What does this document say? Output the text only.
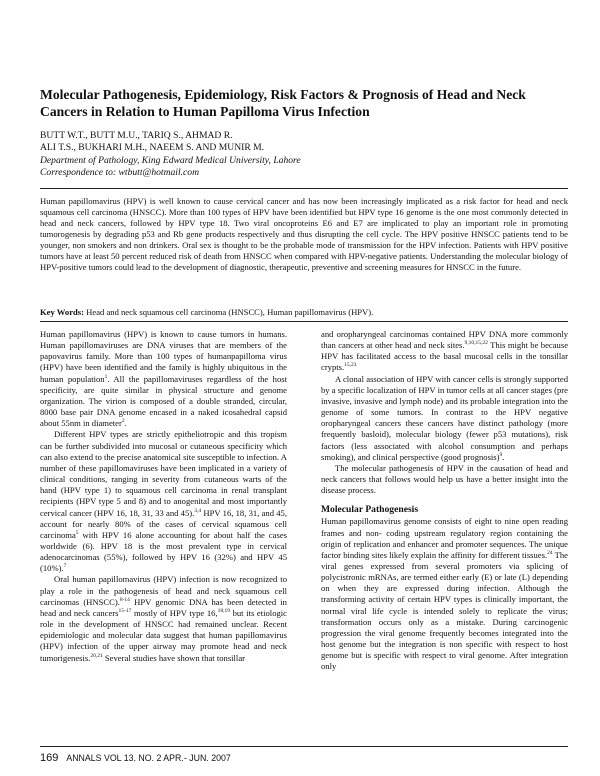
Molecular Pathogenesis, Epidemiology, Risk Factors & Prognosis of Head and Neck Cancers in Relation to Human Papilloma Virus Infection
BUTT W.T., BUTT M.U., TARIQ S., AHMAD R.
ALI T.S., BUKHARI M.H., NAEEM S. AND MUNIR M.
Department of Pathology, King Edward Medical University, Lahore
Correspondence to: wtbutt@hotmail.com

Human papillomavirus (HPV) is well known to cause cervical cancer and has now been increasingly implicated as a risk factor for head and neck squamous cell carcinoma (HNSCC). More than 100 types of HPV have been identified but HPV type 16 genome is the one most commonly detected in head and neck cancers, followed by HPV type 18. Two viral oncoproteins E6 and E7 are implicated to play an important role in promoting tumorogenesis by degrading p53 and Rb gene products respectively and thus disrupting the cell cycle. The HPV positive HNSCC patients tend to be younger, non smokers and non drinkers. Oral sex is thought to be the probable mode of transmission for the HPV infection. Patients with HPV positive tumors have at least 50 percent reduced risk of death from HNSCC when compared with HPV-negative patients. Understanding the molecular biology of HPV-positive tumors could lead to the development of diagnostic, therapeutic, preventive and screening measures for HNSCC in the future.

Key Words: Head and neck squamous cell carcinoma (HNSCC), Human papillomavirus (HPV).

Human papillomavirus (HPV) is known to cause tumors in humans. Human papillomaviruses are DNA viruses that are members of the papovavirus family. More than 100 types of humanpapilloma virus (HPV) have been identified and the family is highly ubiquitous in the human population$^1$. All the papillomaviruses regardless of the host specificity, are quite similar in physical structure and genome organization. The virion is composed of a double stranded, circular, 8000 base pair DNA genome encased in a naked icosahedral capsid about 55nm in diameter$^2$.

Different HPV types are strictly epitheliotropic and this tropism can be further subdivided into mucosal or cutaneous specificity which can also extend to the precise anatomical site susceptible to infection. A number of these papillomaviruses have been implicated in a variety of clinical conditions, ranging in severity from cutaneous warts of the hand (HPV type 1) to squamous cell carcinoma in renal transplant recipients (HPV type 5 and 8) and to anogenital and most importantly cervical cancer (HPV 16, 18, 31, 33 and 45).$^{3,4}$ HPV 16, 18, 31, and 45, account for nearly 80% of the cases of cervical squamous cell carcinoma$^5$ with HPV 16 alone accounting for about half the cases worldwide (6). HPV 18 is the most prevalent type in cervical adenocarcinomas (55%), followed by HPV 16 (32%) and HPV 45 (10%).$^7$

Oral human papillomavirus (HPV) infection is now recognized to play a role in the pathogenesis of head and neck squamous cell carcinomas (HNSCC).$^{8-14}$ HPV genomic DNA has been detected in head and neck cancers$^{15-17}$ mostly of HPV type 16,$^{18,19}$ but its etiologic role in the development of HNSCC had remained unclear. Recent epidemiologic and molecular data suggest that human papillomavirus (HPV) infection of the upper airway may promote head and neck tumorigenesis.$^{20,21}$ Several studies have shown that tonsillar

and oropharyngeal carcinomas contained HPV DNA more commonly than cancers at other head and neck sites.$^{9,10,15,22}$ This might be because HPV has facilitated access to the basal mucosal cells in the tonsillar crypts.$^{15,23}$

A clonal association of HPV with cancer cells is strongly supported by a specific localization of HPV in tumor cells at all cancer stages (pre invasive, invasive and lymph node) and its probable integration into the genome of some tumors. In contrast to the HPV negative oropharyngeal cancers these cancers have distinct pathology (more frequently basloid), molecular biology (fewer p53 mutations), risk factors (less associated with alcohol consumption and perhaps smoking), and clinical perspective (good prognosis)$^9$.

The molecular pathogenesis of HPV in the causation of head and neck cancers that follows would help us have a better insight into the disease process.

Molecular Pathogenesis

Human papillomavirus genome consists of eight to nine open reading frames and non- coding upstream regulatory region containing the origin of replication and enhancer and promoter sequences. The unique factor binding sites likely explain the affinity for different tissues.$^{24}$ The viral genes expressed from several promoters via splicing of polycistronic mRNAs, are termed either early (E) or late (L) depending on when they are expressed during infection. Although the transforming activity of certain HPV types is clinically important, the normal viral life cycle is intended solely to replicate the virus; transformation occurs only as a mistake. During carcinogenic progression the viral genome frequently becomes integrated into the host genome but the integration is non specific with respect to host genome but is specific with respect to viral genome. After integration only

169 ANNALS VOL 13. NO. 2 APR.- JUN. 2007
